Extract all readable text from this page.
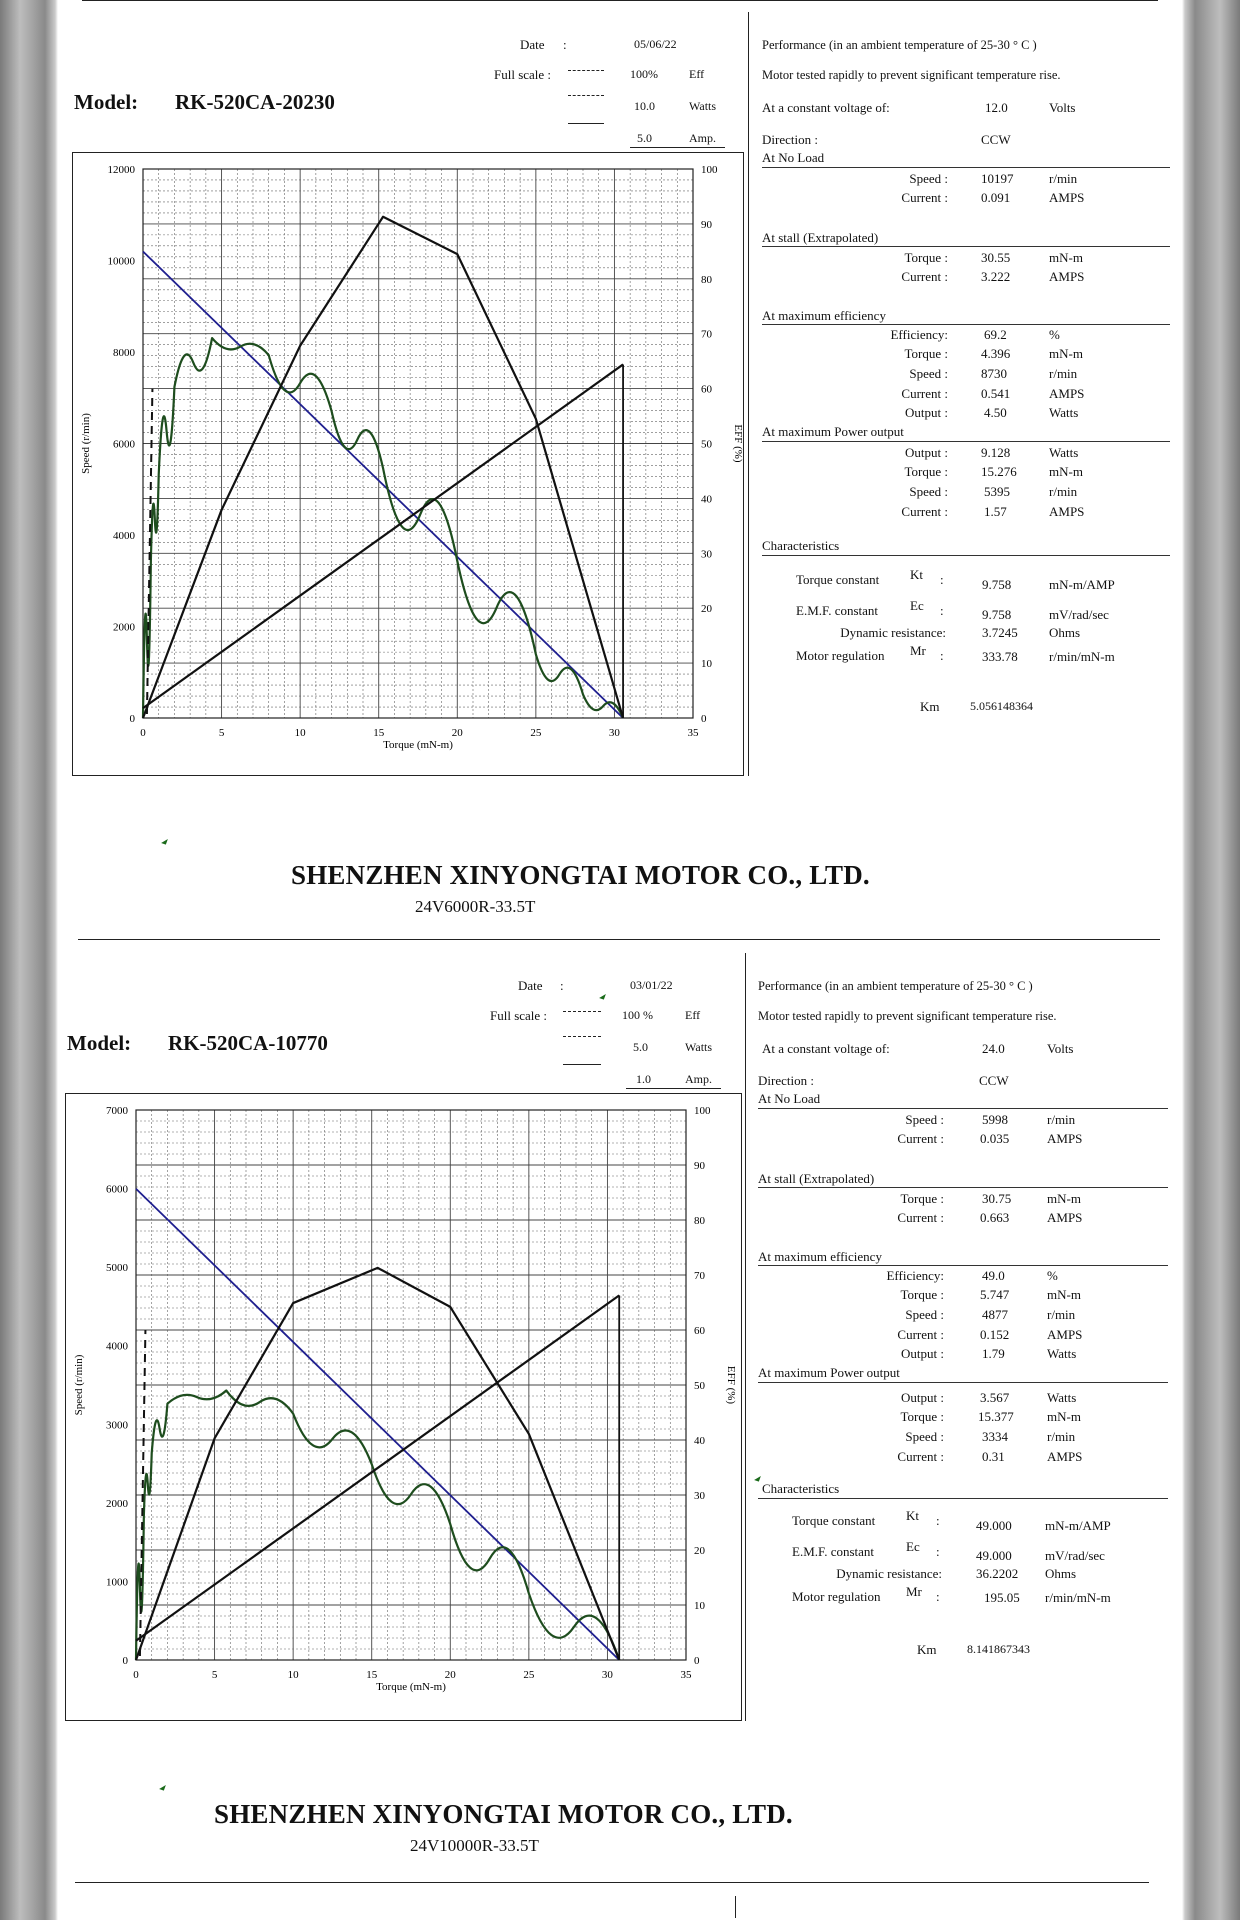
Date :	05/06/22
Full scale :	100%	Eff
10.0	Watts
5.0	Amp.
Model: RK-520CA-20230
0	5	10	15	20	25	30	35
0
2000
4000
6000
8000
10000
12000
0
10
20
30
40
50
60
70
80
90
100
Torque (mN-m)
Speed (r/min)	EFF (%)
Performance (in an ambient temperature of 25-30 ° C )
Motor tested rapidly to prevent significant temperature rise.
At a constant voltage of:	12.0	Volts
Direction :	CCW
At No Load
Speed :	10197	r/min
Current :	0.091	AMPS
At stall (Extrapolated)
Torque :	30.55	mN-m
Current :	3.222	AMPS
At maximum efficiency
Efficiency:	69.2	%
Torque :	4.396	mN-m
Speed :	8730	r/min
Current :	0.541	AMPS
Output :	4.50	Watts
At maximum Power output
Output :	9.128	Watts
Torque :	15.276 mN-m
Speed :	5395	r/min
Current :	1.57	AMPS
Characteristics
Torque constant Kt :	9.758	mN-m/AMP
E.M.F. constant Ec :	9.758	mV/rad/sec
Dynamic resistance:	3.7245 Ohms
Motor regulation Mr :	333.78 r/min/mN-m
Km	5.056148364
SHENZHEN XINYONGTAI MOTOR CO., LTD.
24V6000R-33.5T
Date :	03/01/22
Full scale :	100 %	Eff
5.0	Watts
1.0	Amp.
Model: RK-520CA-10770
0	5	10	15	20	25	30	35
0
1000
2000
3000
4000
5000
6000
7000
0
10
20
30
40
50
60
70
80
90
100
Torque (mN-m)
Speed (r/min)	EFF (%)
Performance (in an ambient temperature of 25-30 ° C )
Motor tested rapidly to prevent significant temperature rise.
At a constant voltage of:	24.0	Volts
Direction :	CCW
At No Load
Speed :	5998	r/min
Current :	0.035	AMPS
At stall (Extrapolated)
Torque :	30.75	mN-m
Current :	0.663	AMPS
At maximum efficiency
Efficiency:	49.0	%
Torque :	5.747	mN-m
Speed :	4877	r/min
Current :	0.152	AMPS
Output :	1.79	Watts
At maximum Power output
Output :	3.567	Watts
Torque :	15.377	mN-m
Speed :	3334	r/min
Current :	0.31	AMPS
Characteristics
Torque constant Kt :	49.000	mN-m/AMP
E.M.F. constant Ec :	49.000	mV/rad/sec
Dynamic resistance:	36.2202 Ohms
Motor regulation Mr :	195.05 r/min/mN-m
Km	8.141867343
SHENZHEN XINYONGTAI MOTOR CO., LTD.
24V10000R-33.5T
